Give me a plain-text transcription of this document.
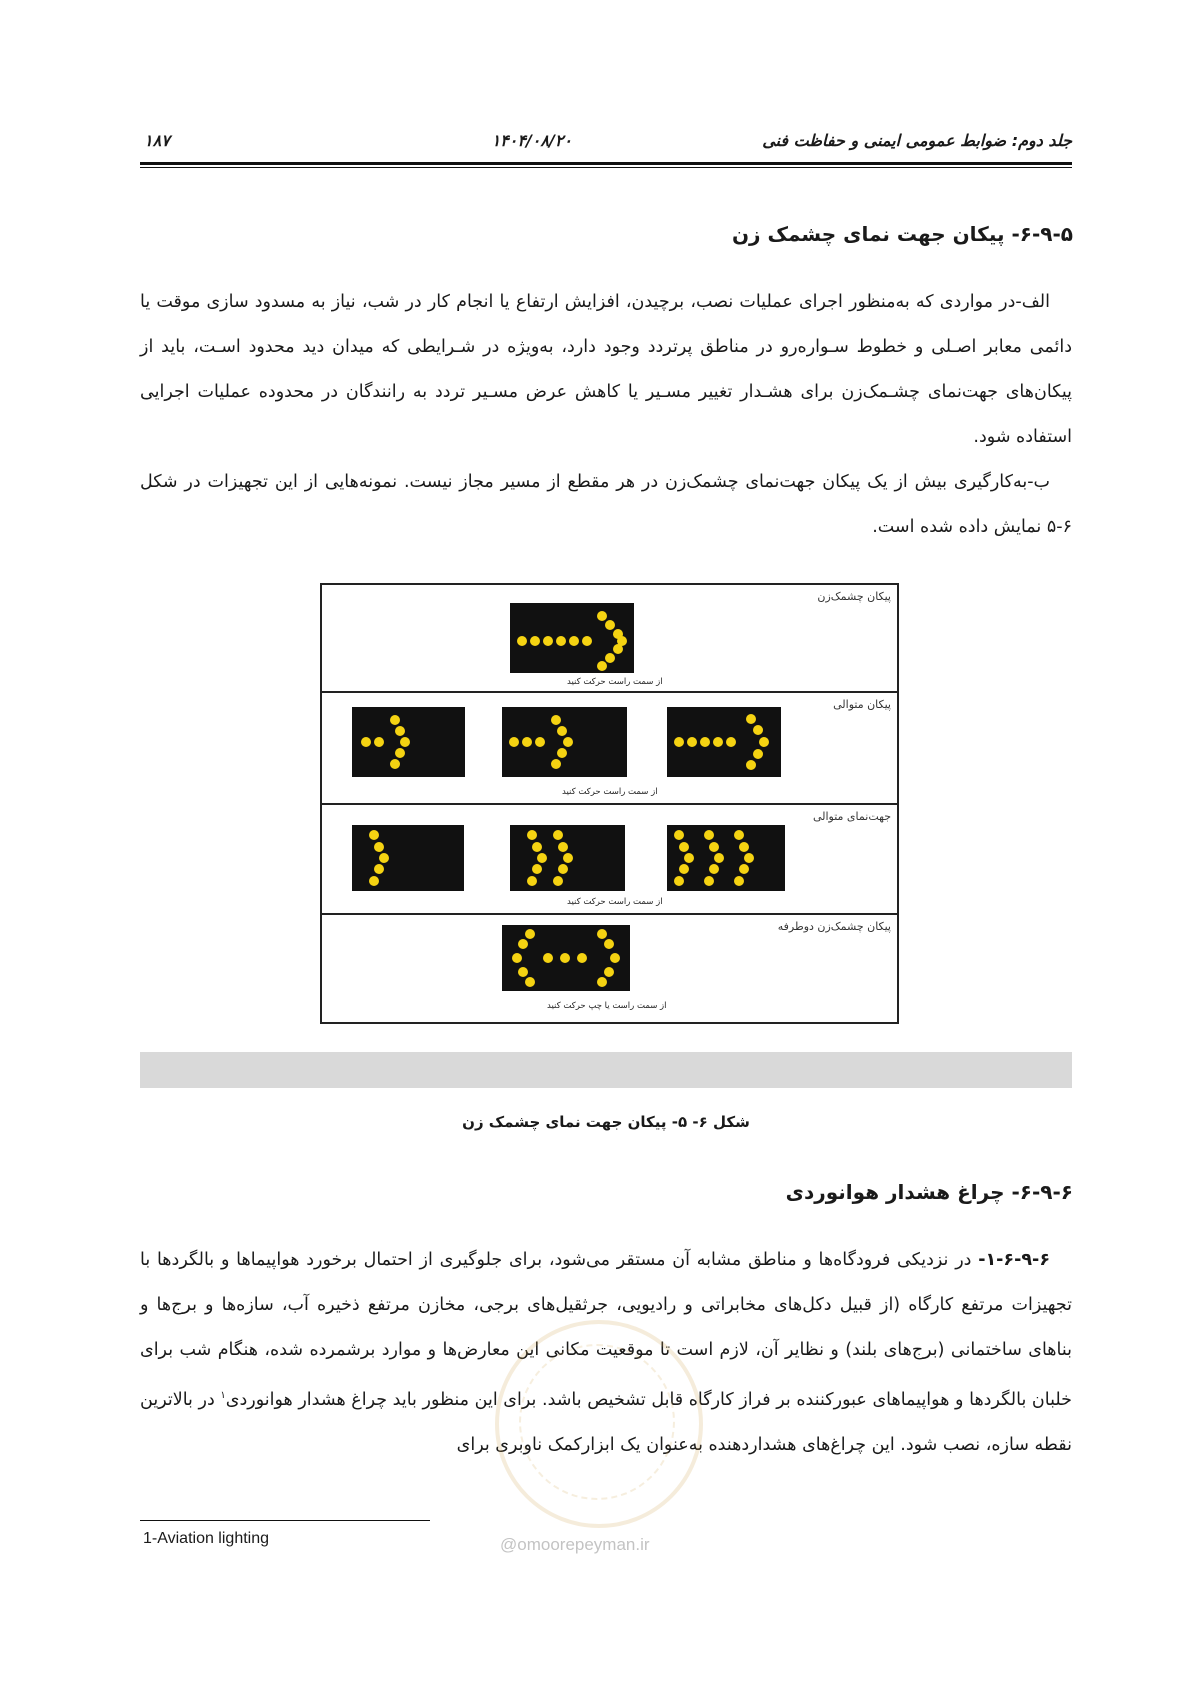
جلد دوم: ضوابط عمومی ایمنی و حفاظت فنی
۱۴۰۴/۰۸/۲۰
۱۸۷
۶-۹-۵- پیکان جهت نمای چشمک زن

الف-در مواردی که به‌منظور اجرای عملیات نصب، برچیدن، افزایش ارتفاع یا انجام کار در شب، نیاز به مسدود سازی موقت یا دائمی معابر اصـلی و خطوط سـواره‌رو در مناطق پرتردد وجود دارد، به‌ویژه در شـرایطی که میدان دید محدود اسـت، باید از پیکان‌های جهت‌نمای چشـمک‌زن برای هشـدار تغییر مسـیر یا کاهش عرض مسـیر تردد به رانندگان در محدوده عملیات اجرایی استفاده شود.

ب-به‌کارگیری بیش از یک پیکان جهت‌نمای چشمک‌زن در هر مقطع از مسیر مجاز نیست. نمونه‌هایی از این تجهیزات در شکل ۶-۵ نمایش داده شده است.

پیکان چشمک‌زن
از سمت راست حرکت کنید
پیکان متوالی
از سمت راست حرکت کنید
جهت‌نمای متوالی
از سمت راست حرکت کنید
پیکان چشمک‌زن دوطرفه
از سمت راست یا چپ حرکت کنید
شکل ۶- ۵- پیکان جهت نمای چشمک زن
۶-۹-۶- چراغ هشدار هوانوردی

۱-۶-۹-۶- در نزدیکی فرودگاه‌ها و مناطق مشابه آن مستقر می‌شود، برای جلوگیری از احتمال برخورد هواپیماها و بالگردها با تجهیزات مرتفع کارگاه (از قبیل دکل‌های مخابراتی و رادیویی، جرثقیل‌های برجی، مخازن مرتفع ذخیره آب، سازه‌ها و برج‌ها و بناهای ساختمانی (برج‌های بلند) و نظایر آن، لازم است تا موقعیت مکانی این معارض‌ها و موارد برشمرده شده، هنگام شب برای خلبان بالگردها و هواپیماهای عبورکننده بر فراز کارگاه قابل تشخیص باشد. برای این منظور باید چراغ هشدار هوانوردی$^۱$ در بالاترین نقطه سازه، نصب شود. این چراغ‌های هشداردهنده به‌عنوان یک ابزارکمک ناوبری برای

@omoorepeyman.ir
1-Aviation lighting
